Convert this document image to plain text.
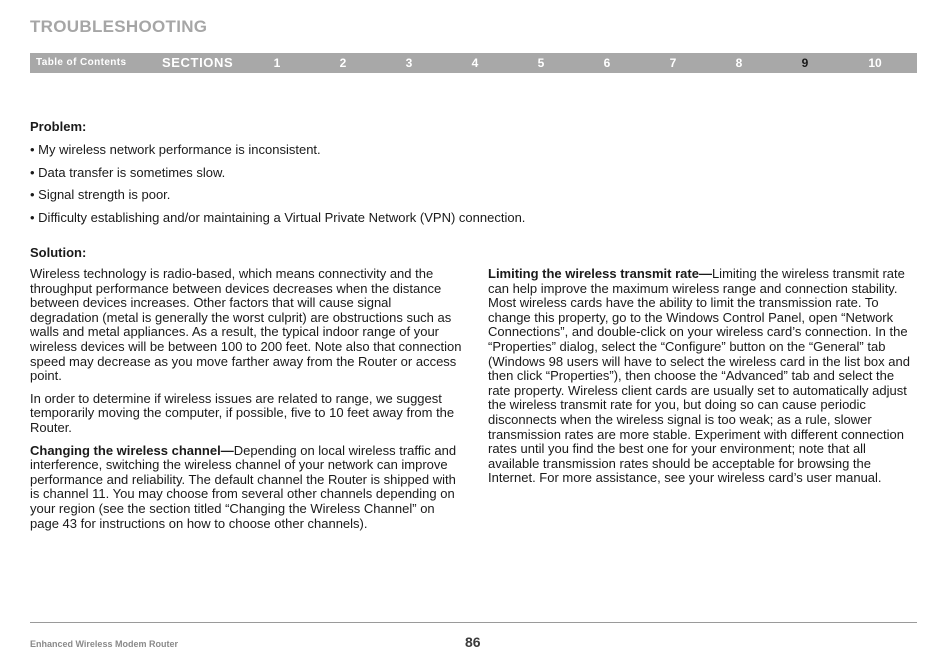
TROUBLESHOOTING
Table of Contents	SECTIONS	1	2	3	4	5	6	7	8	9	10
Problem:
• My wireless network performance is inconsistent.
• Data transfer is sometimes slow.
• Signal strength is poor.
• Difficulty establishing and/or maintaining a Virtual Private Network (VPN) connection.
Solution:

Wireless technology is radio-based, which means connectivity and the throughput performance between devices decreases when the distance between devices increases. Other factors that will cause signal degradation (metal is generally the worst culprit) are obstructions such as walls and metal appliances. As a result, the typical indoor range of your wireless devices will be between 100 to 200 feet. Note also that connection speed may decrease as you move farther away from the Router or access point.

In order to determine if wireless issues are related to range, we suggest temporarily moving the computer, if possible, five to 10 feet away from the Router.

Changing the wireless channel—Depending on local wireless traffic and interference, switching the wireless channel of your network can improve performance and reliability. The default channel the Router is shipped with is channel 11. You may choose from several other channels depending on your region (see the section titled “Changing the Wireless Channel” on page 43 for instructions on how to choose other channels).

Limiting the wireless transmit rate—Limiting the wireless transmit rate can help improve the maximum wireless range and connection stability. Most wireless cards have the ability to limit the transmission rate. To change this property, go to the Windows Control Panel, open “Network Connections”, and double-click on your wireless card’s connection. In the “Properties” dialog, select the “Configure” button on the “General” tab (Windows 98 users will have to select the wireless card in the list box and then click “Properties”), then choose the “Advanced” tab and select the rate property. Wireless client cards are usually set to automatically adjust the wireless transmit rate for you, but doing so can cause periodic disconnects when the wireless signal is too weak; as a rule, slower transmission rates are more stable. Experiment with different connection rates until you find the best one for your environment; note that all available transmission rates should be acceptable for browsing the Internet. For more assistance, see your wireless card’s user manual.

Enhanced Wireless Modem Router	86
